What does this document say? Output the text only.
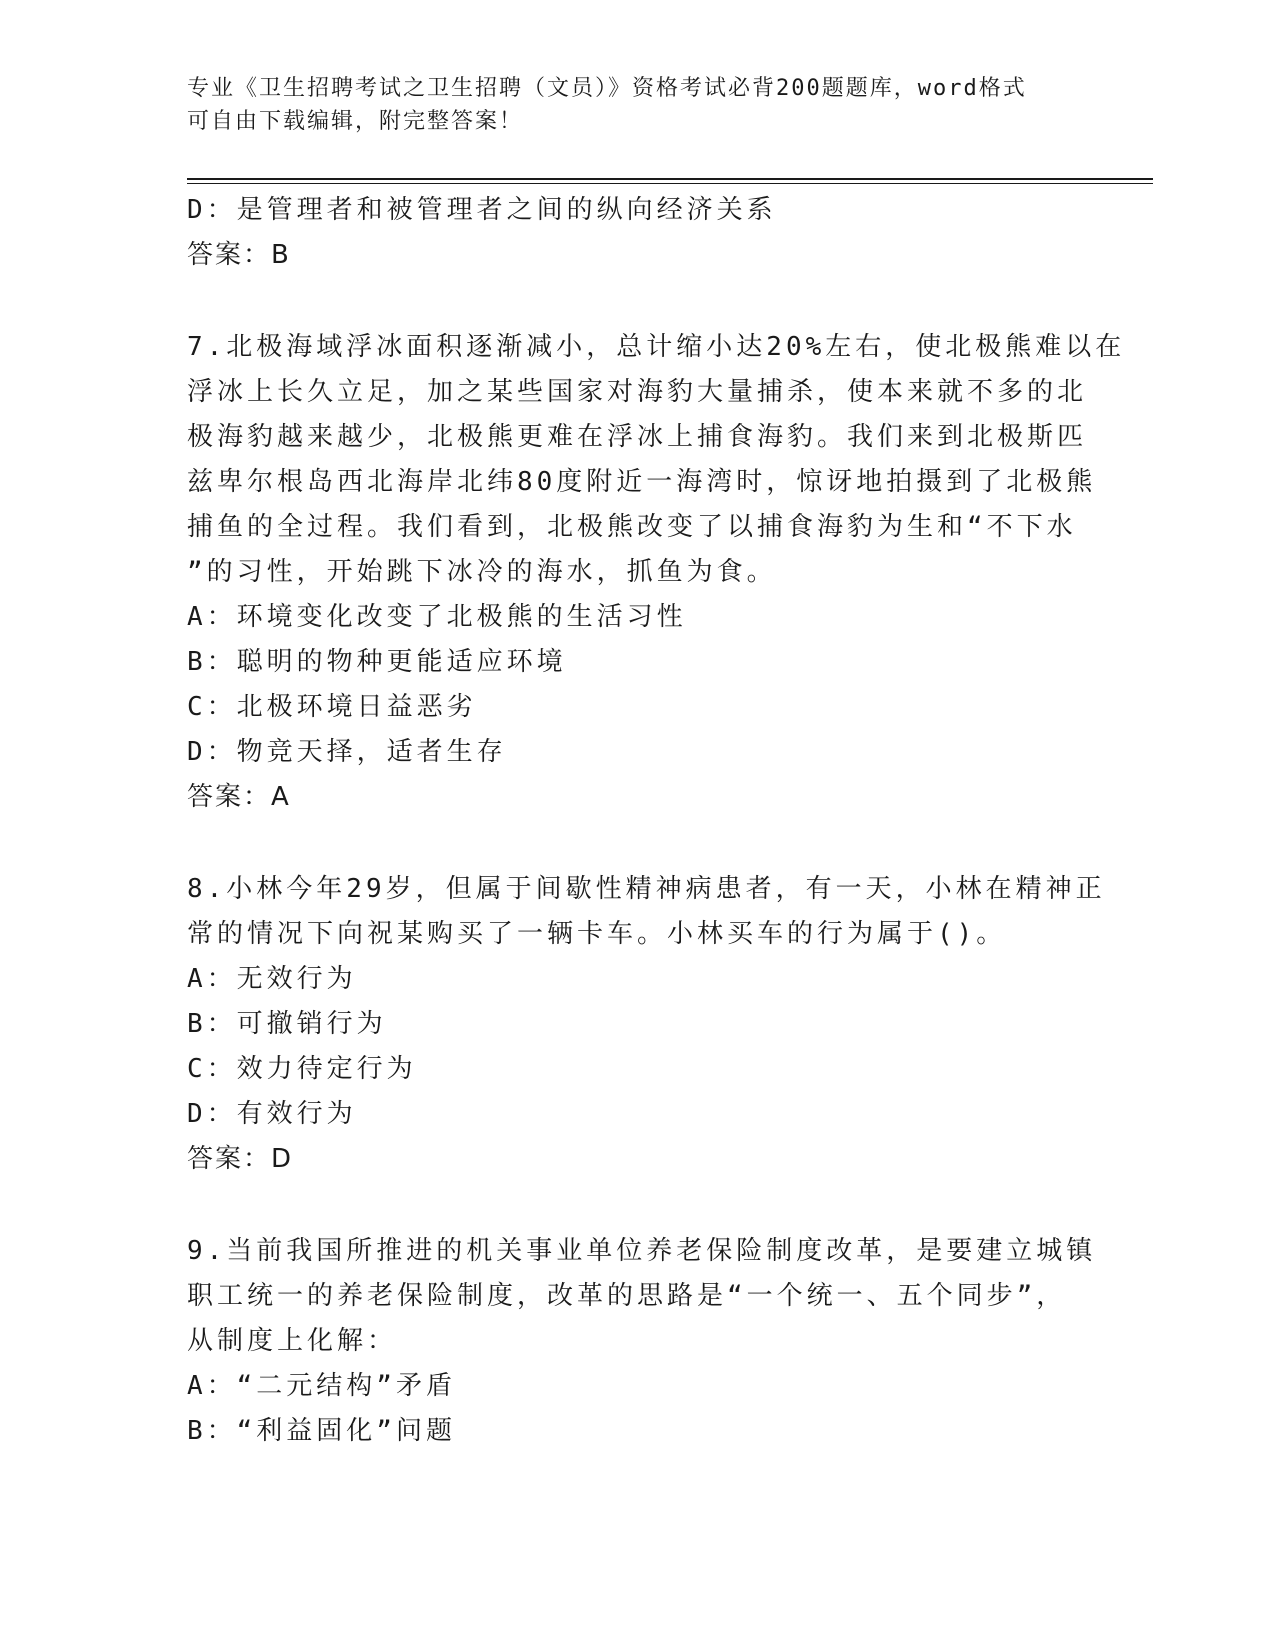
专业《卫生招聘考试之卫生招聘（文员）》资格考试必背200题题库，word格式
可自由下载编辑，附完整答案！
D：是管理者和被管理者之间的纵向经济关系
答案：B
7.北极海域浮冰面积逐渐减小，总计缩小达20%左右，使北极熊难以在
浮冰上长久立足，加之某些国家对海豹大量捕杀，使本来就不多的北
极海豹越来越少，北极熊更难在浮冰上捕食海豹。我们来到北极斯匹
兹卑尔根岛西北海岸北纬80度附近一海湾时，惊讶地拍摄到了北极熊
捕鱼的全过程。我们看到，北极熊改变了以捕食海豹为生和“不下水
”的习性，开始跳下冰冷的海水，抓鱼为食。
A：环境变化改变了北极熊的生活习性
B：聪明的物种更能适应环境
C：北极环境日益恶劣
D：物竞天择，适者生存
答案：A
8.小林今年29岁，但属于间歇性精神病患者，有一天，小林在精神正
常的情况下向祝某购买了一辆卡车。小林买车的行为属于()。
A：无效行为
B：可撤销行为
C：效力待定行为
D：有效行为
答案：D
9.当前我国所推进的机关事业单位养老保险制度改革，是要建立城镇
职工统一的养老保险制度，改革的思路是“一个统一、五个同步”，
从制度上化解：
A：“二元结构”矛盾
B：“利益固化”问题
